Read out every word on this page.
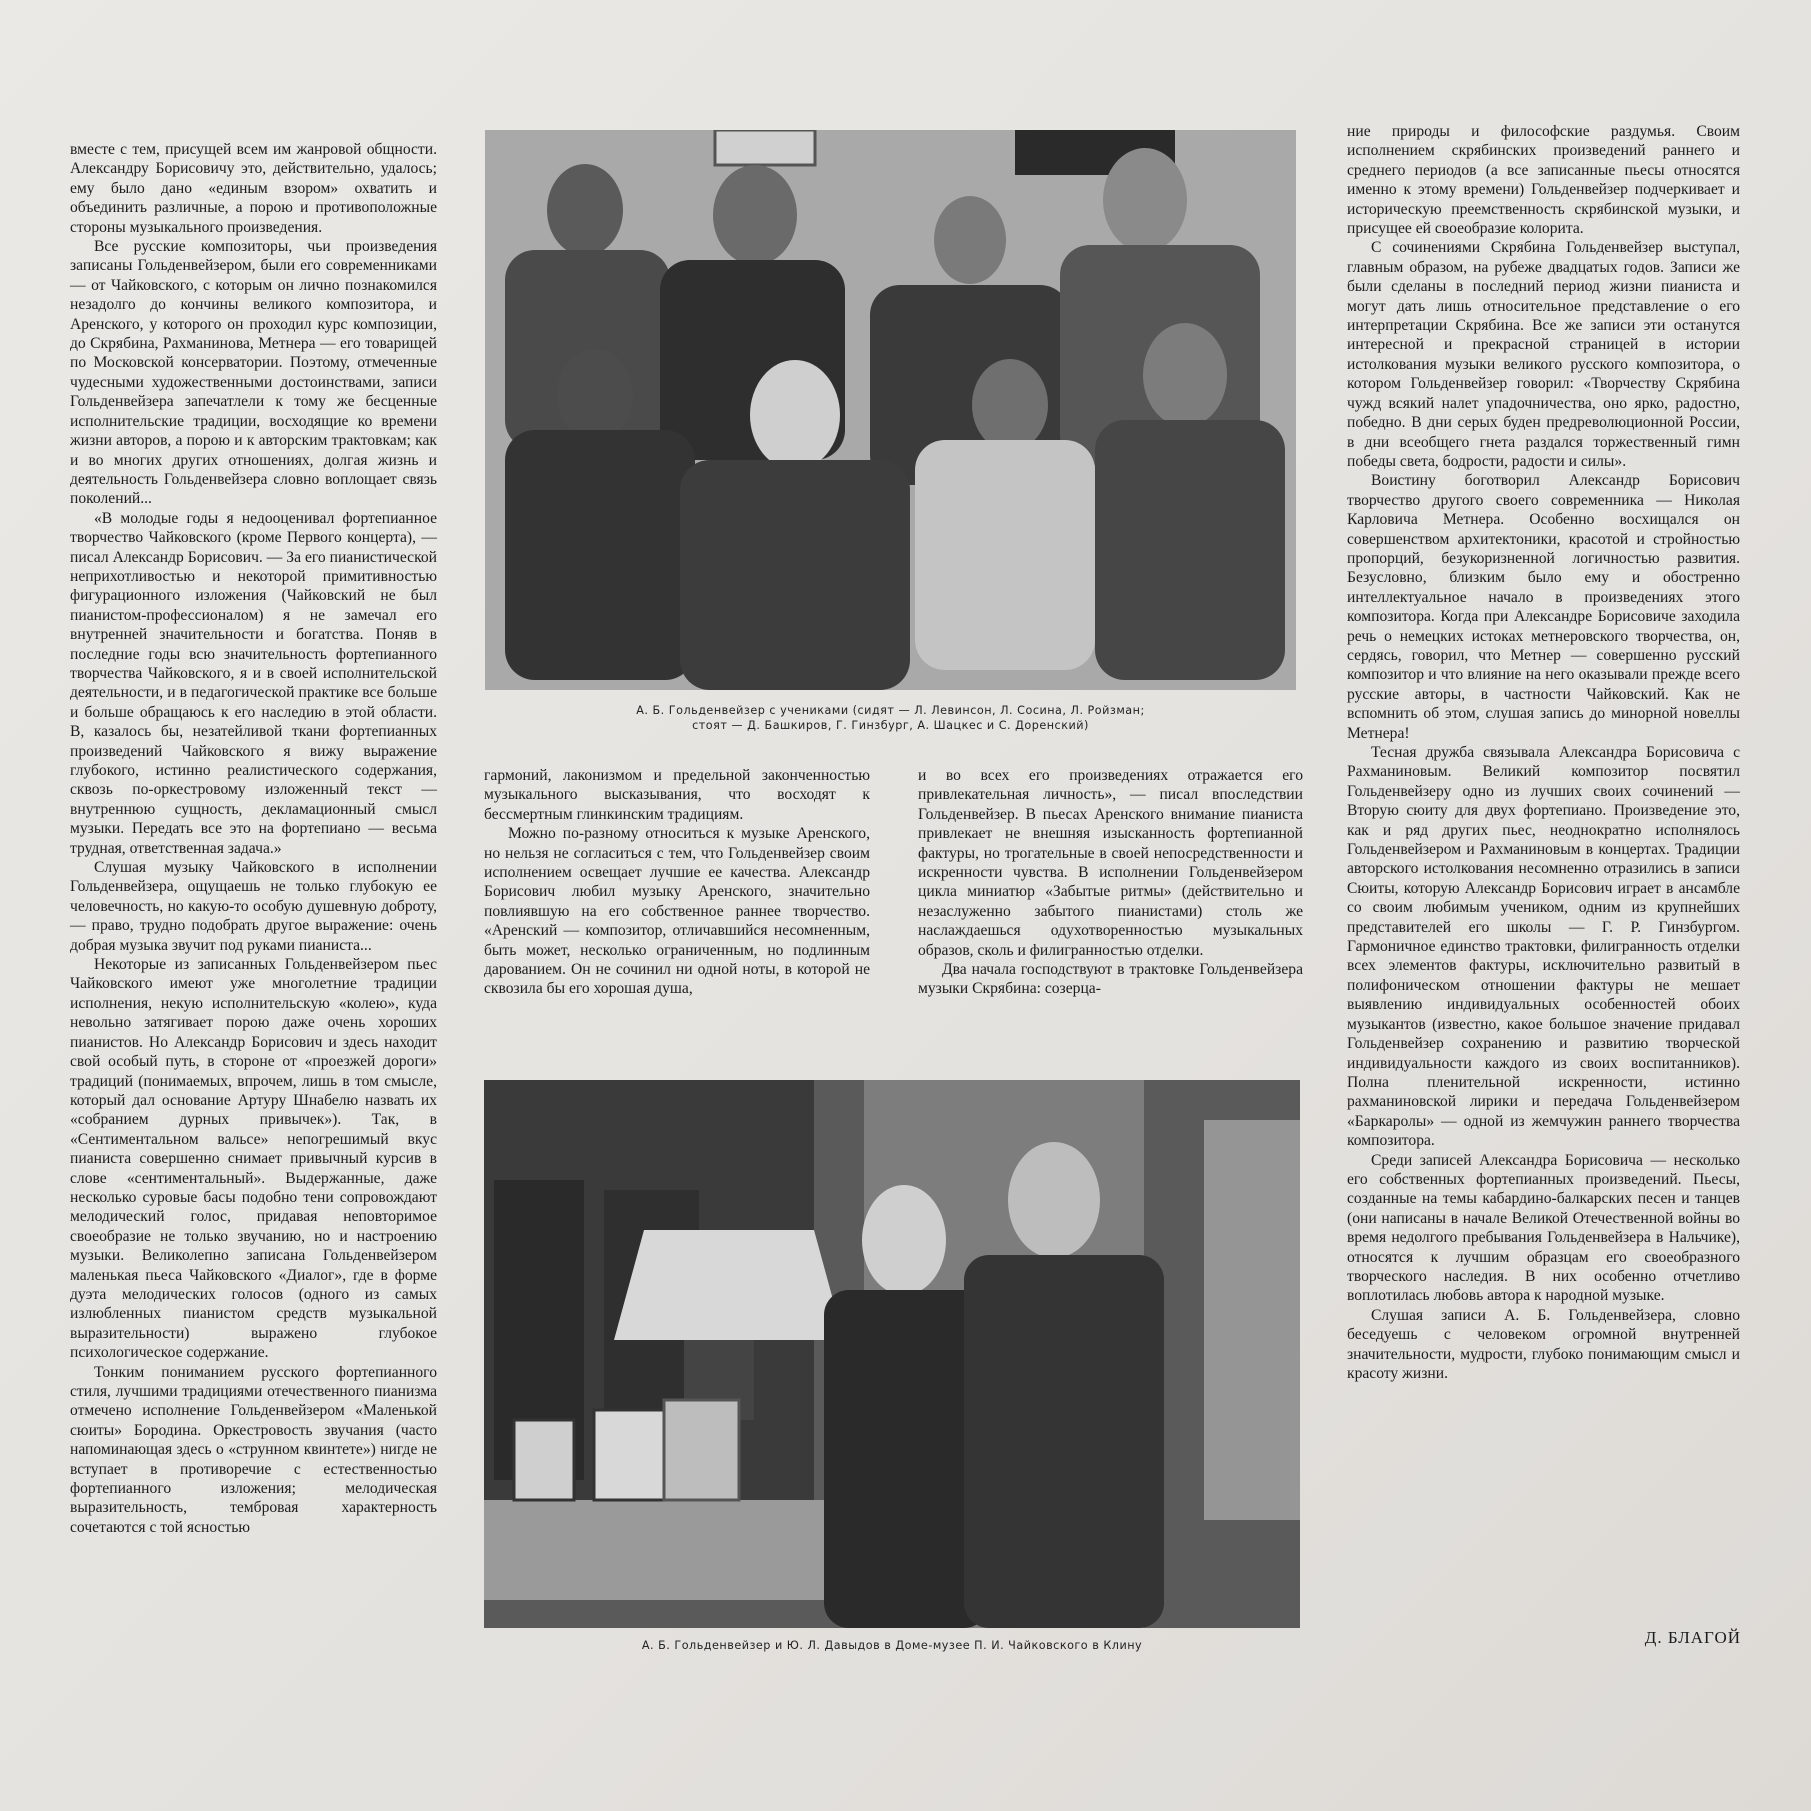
вместе с тем, присущей всем им жанровой общности. Александру Борисовичу это, действительно, удалось; ему было дано «единым взором» охватить и объединить различные, а порою и противоположные стороны музыкального произведения.

Все русские композиторы, чьи произведения записаны Гольденвейзером, были его современниками — от Чайковского, с которым он лично познакомился незадолго до кончины великого композитора, и Аренского, у которого он проходил курс композиции, до Скрябина, Рахманинова, Метнера — его товарищей по Московской консерватории. Поэтому, отмеченные чудесными художественными достоинствами, записи Гольденвейзера запечатлели к тому же бесценные исполнительские традиции, восходящие ко времени жизни авторов, а порою и к авторским трактовкам; как и во многих других отношениях, долгая жизнь и деятельность Гольденвейзера словно воплощает связь поколений...

«В молодые годы я недооценивал фортепианное творчество Чайковского (кроме Первого концерта), — писал Александр Борисович. — За его пианистической неприхотливостью и некоторой примитивностью фигурационного изложения (Чайковский не был пианистом-профессионалом) я не замечал его внутренней значительности и богатства. Поняв в последние годы всю значительность фортепианного творчества Чайковского, я и в своей исполнительской деятельности, и в педагогической практике все больше и больше обращаюсь к его наследию в этой области. В, казалось бы, незатейливой ткани фортепианных произведений Чайковского я вижу выражение глубокого, истинно реалистического содержания, сквозь по-оркестровому изложенный текст — внутреннюю сущность, декламационный смысл музыки. Передать все это на фортепиано — весьма трудная, ответственная задача.»

Слушая музыку Чайковского в исполнении Гольденвейзера, ощущаешь не только глубокую ее человечность, но какую-то особую душевную доброту, — право, трудно подобрать другое выражение: очень добрая музыка звучит под руками пианиста...

Некоторые из записанных Гольденвейзером пьес Чайковского имеют уже многолетние традиции исполнения, некую исполнительскую «колею», куда невольно затягивает порою даже очень хороших пианистов. Но Александр Борисович и здесь находит свой особый путь, в стороне от «проезжей дороги» традиций (понимаемых, впрочем, лишь в том смысле, который дал основание Артуру Шнабелю назвать их «собранием дурных привычек»). Так, в «Сентиментальном вальсе» непогрешимый вкус пианиста совершенно снимает привычный курсив в слове «сентиментальный». Выдержанные, даже несколько суровые басы подобно тени сопровождают мелодический голос, придавая неповторимое своеобразие не только звучанию, но и настроению музыки. Великолепно записана Гольденвейзером маленькая пьеса Чайковского «Диалог», где в форме дуэта мелодических голосов (одного из самых излюбленных пианистом средств музыкальной выразительности) выражено глубокое психологическое содержание.

Тонким пониманием русского фортепианного стиля, лучшими традициями отечественного пианизма отмечено исполнение Гольденвейзером «Маленькой сюиты» Бородина. Оркестровость звучания (часто напоминающая здесь о «струнном квинтете») нигде не вступает в противоречие с естественностью фортепианного изложения; мелодическая выразительность, тембровая характерность сочетаются с той ясностью

А. Б. Гольденвейзер с учениками (сидят — Л. Левинсон, Л. Сосина, Л. Ройзман;
стоят — Д. Башкиров, Г. Гинзбург, А. Шацкес и С. Доренский)

гармоний, лаконизмом и предельной законченностью музыкального высказывания, что восходят к бессмертным глинкинским традициям.

Можно по-разному относиться к музыке Аренского, но нельзя не согласиться с тем, что Гольденвейзер своим исполнением освещает лучшие ее качества. Александр Борисович любил музыку Аренского, значительно повлиявшую на его собственное раннее творчество. «Аренский — композитор, отличавшийся несомненным, быть может, несколько ограниченным, но подлинным дарованием. Он не сочинил ни одной ноты, в которой не сквозила бы его хорошая душа,

и во всех его произведениях отражается его привлекательная личность», — писал впоследствии Гольденвейзер. В пьесах Аренского внимание пианиста привлекает не внешняя изысканность фортепианной фактуры, но трогательные в своей непосредственности и искренности чувства. В исполнении Гольденвейзером цикла миниатюр «Забытые ритмы» (действительно и незаслуженно забытого пианистами) столь же наслаждаешься одухотворенностью музыкальных образов, сколь и филигранностью отделки.

Два начала господствуют в трактовке Гольденвейзера музыки Скрябина: созерца-

А. Б. Гольденвейзер и Ю. Л. Давыдов в Доме-музее П. И. Чайковского в Клину

ние природы и философские раздумья. Своим исполнением скрябинских произведений раннего и среднего периодов (а все записанные пьесы относятся именно к этому времени) Гольденвейзер подчеркивает и историческую преемственность скрябинской музыки, и присущее ей своеобразие колорита.

С сочинениями Скрябина Гольденвейзер выступал, главным образом, на рубеже двадцатых годов. Записи же были сделаны в последний период жизни пианиста и могут дать лишь относительное представление о его интерпретации Скрябина. Все же записи эти останутся интересной и прекрасной страницей в истории истолкования музыки великого русского композитора, о котором Гольденвейзер говорил: «Творчеству Скрябина чужд всякий налет упадочничества, оно ярко, радостно, победно. В дни серых буден предреволюционной России, в дни всеобщего гнета раздался торжественный гимн победы света, бодрости, радости и силы».

Воистину боготворил Александр Борисович творчество другого своего современника — Николая Карловича Метнера. Особенно восхищался он совершенством архитектоники, красотой и стройностью пропорций, безукоризненной логичностью развития. Безусловно, близким было ему и обостренно интеллектуальное начало в произведениях этого композитора. Когда при Александре Борисовиче заходила речь о немецких истоках метнеровского творчества, он, сердясь, говорил, что Метнер — совершенно русский композитор и что влияние на него оказывали прежде всего русские авторы, в частности Чайковский. Как не вспомнить об этом, слушая запись до минорной новеллы Метнера!

Тесная дружба связывала Александра Борисовича с Рахманиновым. Великий композитор посвятил Гольденвейзеру одно из лучших своих сочинений — Вторую сюиту для двух фортепиано. Произведение это, как и ряд других пьес, неоднократно исполнялось Гольденвейзером и Рахманиновым в концертах. Традиции авторского истолкования несомненно отразились в записи Сюиты, которую Александр Борисович играет в ансамбле со своим любимым учеником, одним из крупнейших представителей его школы — Г. Р. Гинзбургом. Гармоничное единство трактовки, филигранность отделки всех элементов фактуры, исключительно развитый в полифоническом отношении фактуры не мешает выявлению индивидуальных особенностей обоих музыкантов (известно, какое большое значение придавал Гольденвейзер сохранению и развитию творческой индивидуальности каждого из своих воспитанников). Полна пленительной искренности, истинно рахманиновской лирики и передача Гольденвейзером «Баркаролы» — одной из жемчужин раннего творчества композитора.

Среди записей Александра Борисовича — несколько его собственных фортепианных произведений. Пьесы, созданные на темы кабардино-балкарских песен и танцев (они написаны в начале Великой Отечественной войны во время недолгого пребывания Гольденвейзера в Нальчике), относятся к лучшим образцам его своеобразного творческого наследия. В них особенно отчетливо воплотилась любовь автора к народной музыке.

Слушая записи А. Б. Гольденвейзера, словно беседуешь с человеком огромной внутренней значительности, мудрости, глубоко понимающим смысл и красоту жизни.

Д. БЛАГОЙ
